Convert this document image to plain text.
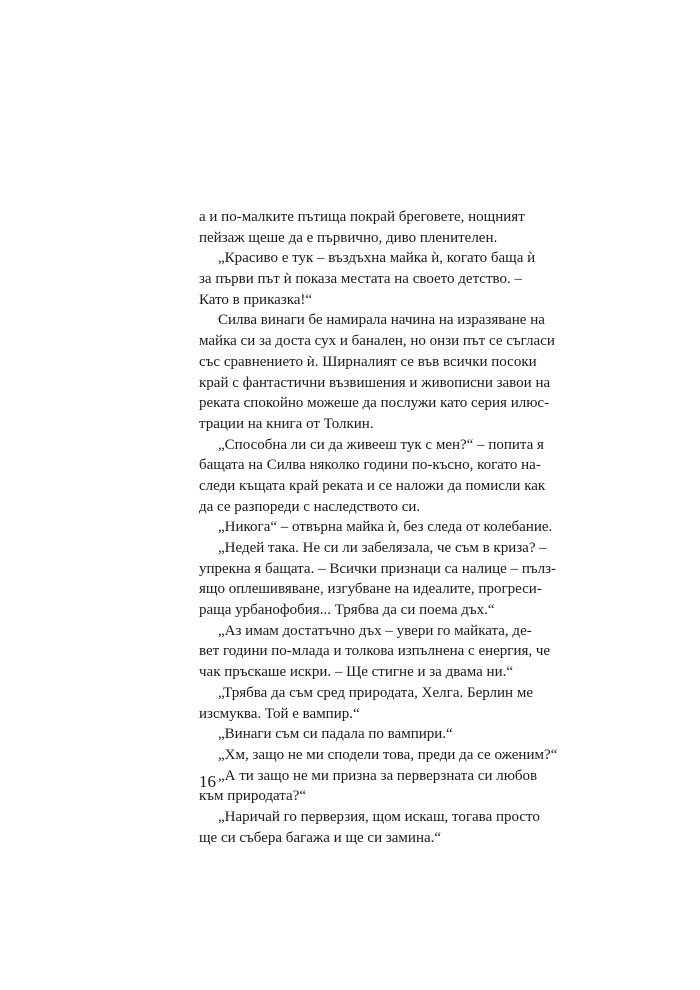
а и по-малките пътища покрай бреговете, нощният
пейзаж щеше да е първично, диво пленителен.
„Красиво е тук – въздъхна майка ѝ, когато баща ѝ
за първи път ѝ показа местата на своето детство. –
Като в приказка!“
Силва винаги бе намирала начина на изразяване на
майка си за доста сух и банален, но онзи път се съгласи
със сравнението ѝ. Ширналият се във всички посоки
край с фантастични възвишения и живописни завои на
реката спокойно можеше да послужи като серия илюс-
трации на книга от Толкин.
„Способна ли си да живееш тук с мен?“ – попита я
бащата на Силва няколко години по-късно, когато на-
следи къщата край реката и се наложи да помисли как
да се разпореди с наследството си.
„Никога“ – отвърна майка ѝ, без следа от колебание.
„Недей така. Не си ли забелязала, че съм в криза? –
упрекна я бащата. – Всички признаци са налице – пълз-
ящо оплешивяване, изгубване на идеалите, прогреси-
раща урбанофобия... Трябва да си поема дъх.“
„Аз имам достатъчно дъх – увери го майката, де-
вет години по-млада и толкова изпълнена с енергия, че
чак пръскаше искри. – Ще стигне и за двама ни.“
„Трябва да съм сред природата, Хелга. Берлин ме
изсмуква. Той е вампир.“
„Винаги съм си падала по вампири.“
„Хм, защо не ми сподели това, преди да се оженим?“
„А ти защо не ми призна за перверзната си любов
към природата?“
„Наричай го перверзия, щом искаш, тогава просто
ще си събера багажа и ще си замина.“
16
